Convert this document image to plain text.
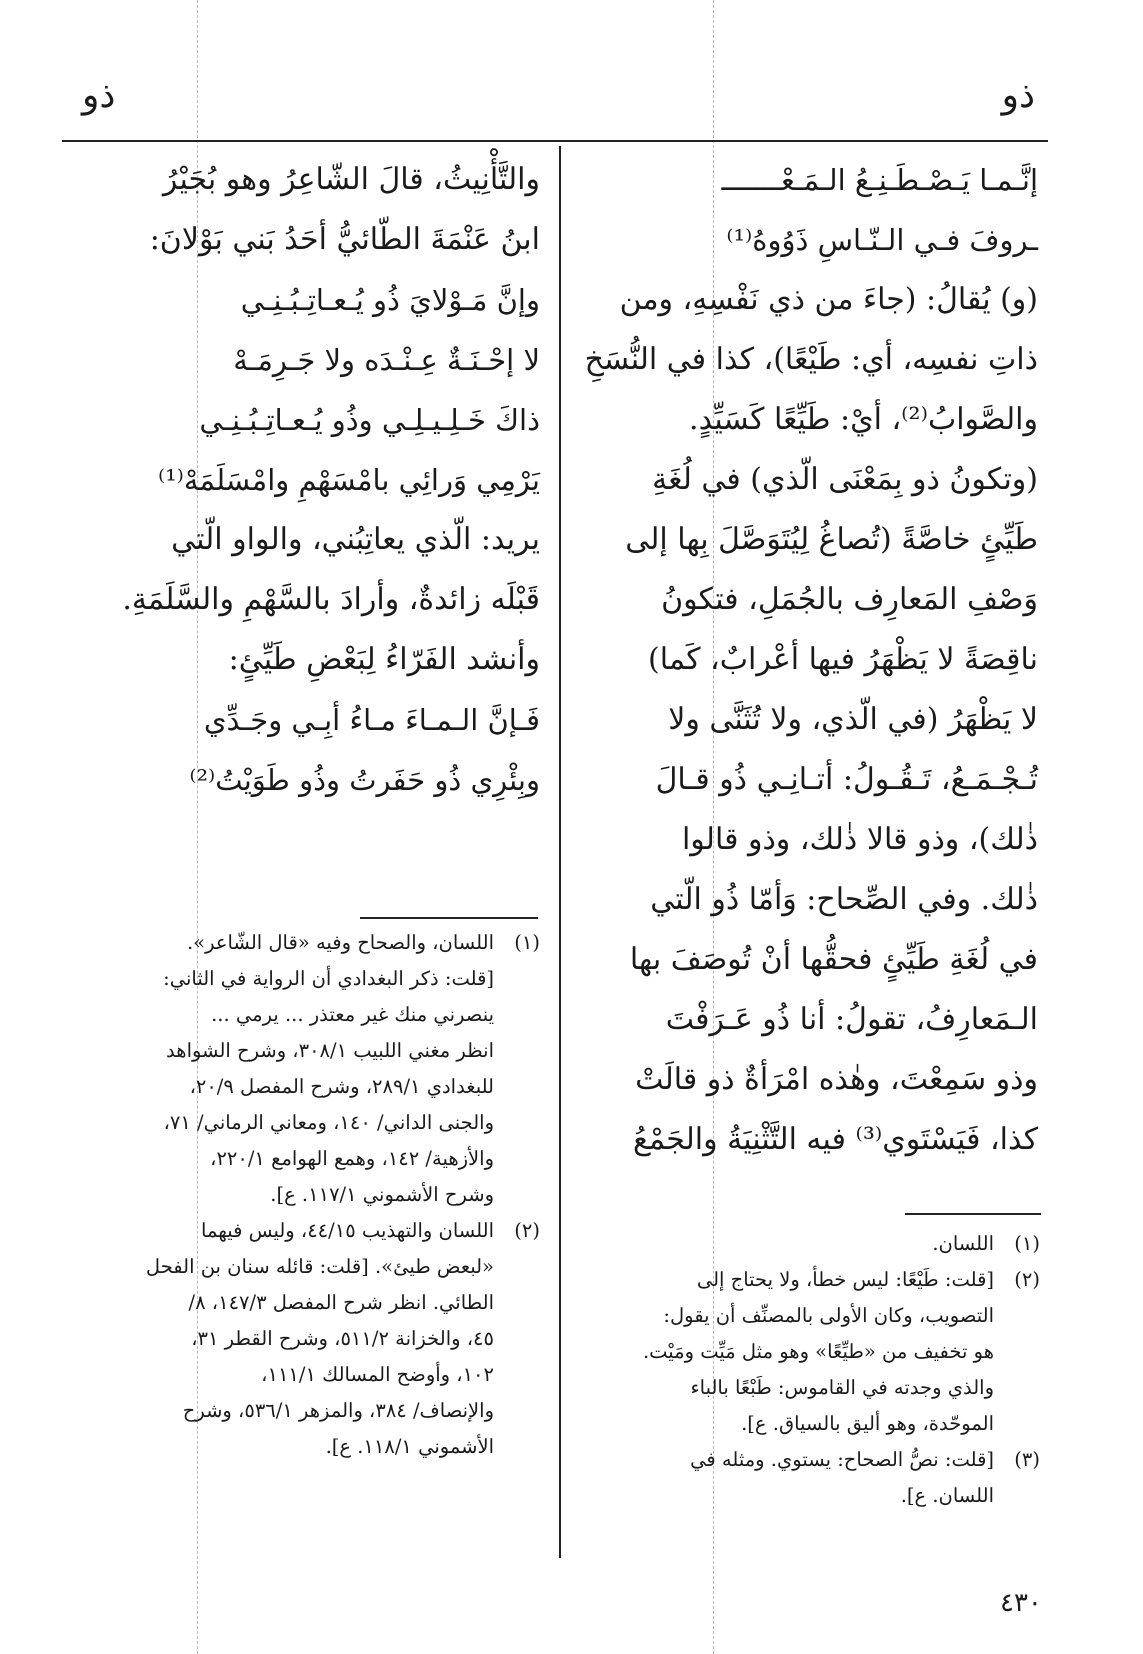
ذو
ذو
إنَّـمـا يَـصْـطَـنِـعُ الـمَـعْـــــــ
ـروفَ فـي الـنّـاسِ ذَوُوهُ⁽¹⁾
(و) يُقالُ: (جاءَ من ذي نَفْسِهِ، ومن
ذاتِ نفسِه، أي: طَيْعًا)، كذا في النُّسَخِ
والصَّوابُ⁽²⁾، أيْ: طَيِّعًا كَسَيِّدٍ.
(وتكونُ ذو بِمَعْنَى الّذي) في لُغَةِ
طَيِّئٍ خاصَّةً (تُصاغُ لِيُتَوَصَّلَ بِها إلى
وَصْفِ المَعارِف بالجُمَلِ، فتكونُ
ناقِصَةً لا يَظْهَرُ فيها أعْرابٌ، كَما)
لا يَظْهَرُ (في الّذي، ولا تُثَنَّى ولا
تُـجْـمَـعُ، تَـقُـولُ: أتـانِـي ذُو قـالَ
ذٰلك)، وذو قالا ذٰلك، وذو قالوا
ذٰلك. وفي الصِّحاح: وَأمّا ذُو الّتي
في لُغَةِ طَيِّئٍ فحقُّها أنْ تُوصَفَ بها
الـمَعارِفُ، تقولُ: أنا ذُو عَـرَفْتَ
وذو سَمِعْتَ، وهٰذه امْرَأةٌ ذو قالَتْ
كذا، فَيَسْتَوي⁽³⁾ فيه التَّثْنِيَةُ والجَمْعُ
والتَّأْنِيثُ، قالَ الشّاعِرُ وهو بُجَيْرُ
ابنُ عَنْمَةَ الطّائيُّ أحَدُ بَني بَوْلانَ:
وإنَّ مَـوْلايَ ذُو يُـعـاتِـبُـنِـي
لا إحْـنَـةٌ عِـنْـدَه ولا جَـرِمَـهْ
ذاكَ خَـلِـيـلِـي وذُو يُـعـاتِـبُـنِـي
يَرْمِي وَرائِي بامْسَهْمِ وامْسَلَمَهْ⁽¹⁾
يريد: الّذي يعاتِبُني، والواو الّتي
قَبْلَه زائدةٌ، وأرادَ بالسَّهْمِ والسَّلَمَةِ.
وأنشد الفَرّاءُ لِبَعْضِ طَيِّئٍ:
فَـإنَّ الـمـاءَ مـاءُ أبِـي وجَـدِّي
وبِئْرِي ذُو حَفَرتُ وذُو طَوَيْتُ⁽²⁾
(١)
اللسان، والصحاح وفيه «قال الشّاعر».
[قلت: ذكر البغدادي أن الرواية في الثاني:
ينصرني منك غير معتذر ... يرمي ...
انظر مغني اللبيب ٣٠٨/١، وشرح الشواهد
للبغدادي ٢٨٩/١، وشرح المفصل ٢٠/٩،
والجنى الداني/ ١٤٠، ومعاني الرماني/ ٧١،
والأزهية/ ١٤٢، وهمع الهوامع ٢٢٠/١،
وشرح الأشموني ١١٧/١. ع].
(٢)
اللسان والتهذيب ٤٤/١٥، وليس فيهما
«لبعض طيئ». [قلت: قائله سنان بن الفحل
الطائي. انظر شرح المفصل ١٤٧/٣، ٨/
٤٥، والخزانة ٥١١/٢، وشرح القطر ٣١،
١٠٢، وأوضح المسالك ١١١/١،
والإنصاف/ ٣٨٤، والمزهر ٥٣٦/١، وشرح
الأشموني ١١٨/١. ع].
(١)
اللسان.
(٢)
[قلت: طَيْعًا: ليس خطأ، ولا يحتاج إلى
التصويب، وكان الأولى بالمصنِّف أن يقول:
هو تخفيف من «طيِّعًا» وهو مثل مَيِّت ومَيْت.
والذي وجدته في القاموس: طَبْعًا بالباء
الموحّدة، وهو أليق بالسياق. ع].
(٣)
[قلت: نصُّ الصحاح: يستوي. ومثله في
اللسان. ع].
٤٣٠
